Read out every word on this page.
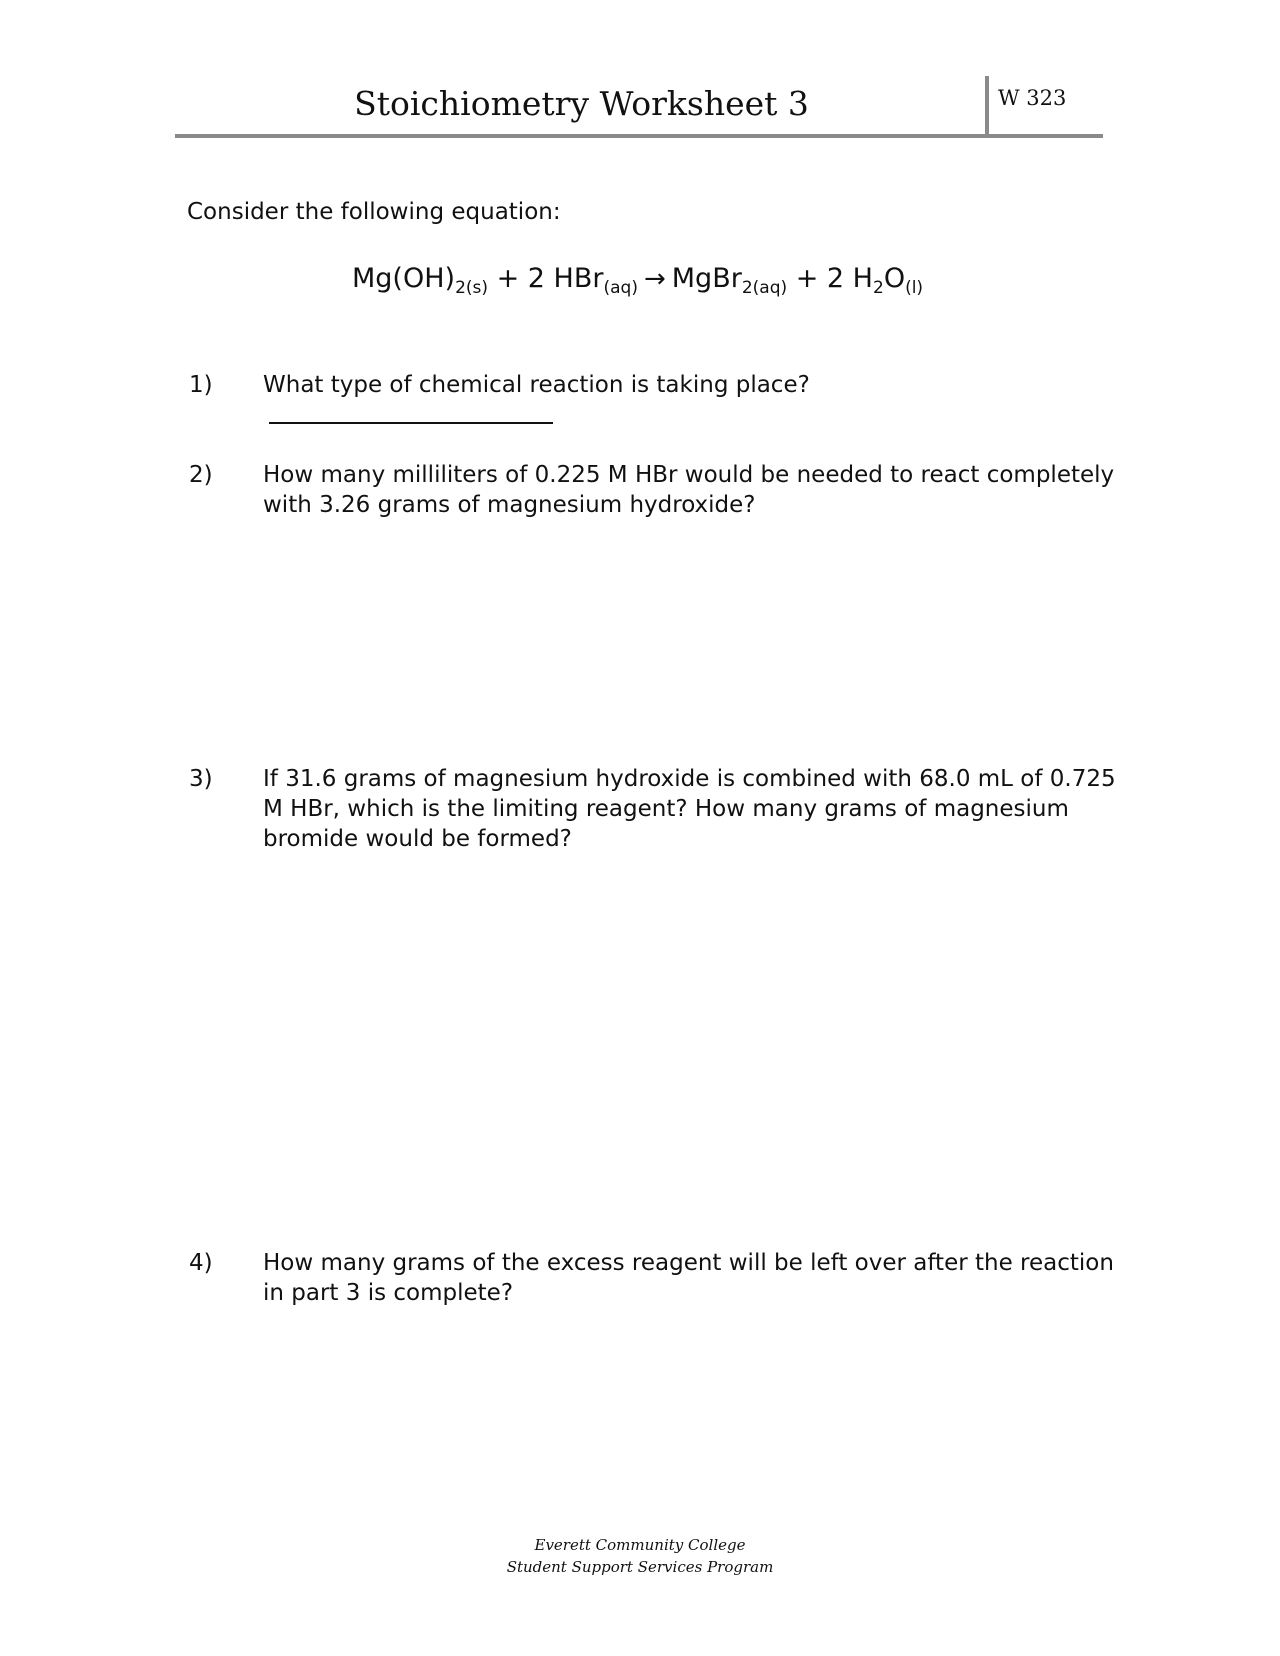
Stoichiometry Worksheet 3	W 323
Consider the following equation:
$Mg(OH)_{2(s)} + 2$ HBr$_{(aq)}$ → MgBr$_{2(aq)}$ + 2 $H_2O_{(l)}$
1) What type of chemical reaction is taking place?
2) How many milliliters of 0.225 M HBr would be needed to react completely
with 3.26 grams of magnesium hydroxide?
3) If 31.6 grams of magnesium hydroxide is combined with 68.0 mL of 0.725
M HBr, which is the limiting reagent? How many grams of magnesium
bromide would be formed?
4) How many grams of the excess reagent will be left over after the reaction
in part 3 is complete?
Everett Community College
Student Support Services Program
